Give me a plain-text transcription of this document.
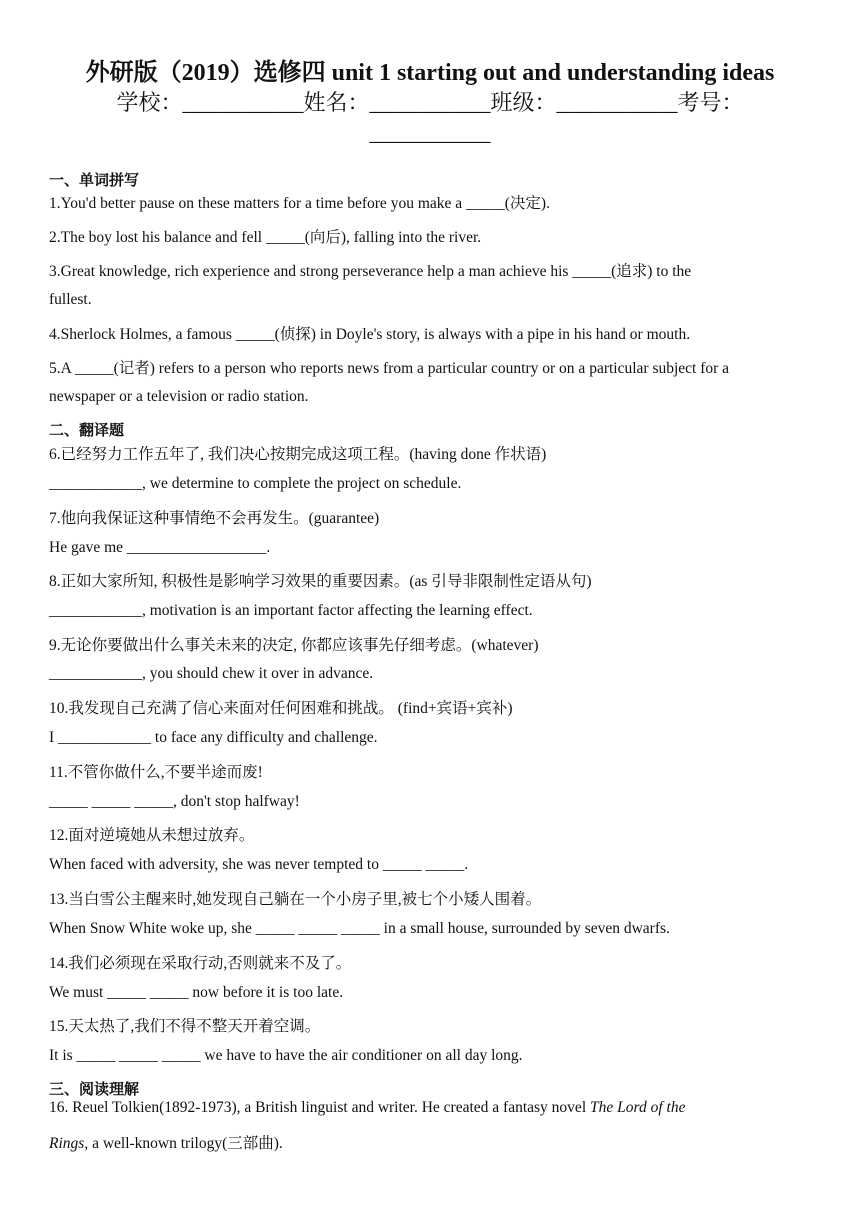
外研版（2019）选修四 unit 1 starting out and understanding ideas
学校：___________姓名：___________班级：___________考号：
___________
一、单词拼写
1.You'd better pause on these matters for a time before you make a _____(决定).
2.The boy lost his balance and fell _____(向后), falling into the river.
3.Great knowledge, rich experience and strong perseverance help a man achieve his _____(追求) to the
fullest.
4.Sherlock Holmes, a famous _____(侦探) in Doyle's story, is always with a pipe in his hand or mouth.
5.A _____(记者) refers to a person who reports news from a particular country or on a particular subject for a
newspaper or a television or radio station.
二、翻译题
6.已经努力工作五年了, 我们决心按期完成这项工程。(having done 作状语)
____________, we determine to complete the project on schedule.
7.他向我保证这种事情绝不会再发生。(guarantee)
He gave me __________________.
8.正如大家所知, 积极性是影响学习效果的重要因素。(as 引导非限制性定语从句)
____________, motivation is an important factor affecting the learning effect.
9.无论你要做出什么事关未来的决定, 你都应该事先仔细考虑。(whatever)
____________, you should chew it over in advance.
10.我发现自己充满了信心来面对任何困难和挑战。 (find+宾语+宾补)
I ____________ to face any difficulty and challenge.
11.不管你做什么,不要半途而废!
_____ _____ _____, don't stop halfway!
12.面对逆境她从未想过放弃。
When faced with adversity, she was never tempted to _____ _____.
13.当白雪公主醒来时,她发现自己躺在一个小房子里,被七个小矮人围着。
When Snow White woke up, she _____ _____ _____ in a small house, surrounded by seven dwarfs.
14.我们必须现在采取行动,否则就来不及了。
We must _____ _____ now before it is too late.
15.天太热了,我们不得不整天开着空调。
It is _____ _____ _____ we have to have the air conditioner on all day long.
三、阅读理解
16. Reuel Tolkien(1892-1973), a British linguist and writer. He created a fantasy novel The Lord of the
Rings, a well-known trilogy(三部曲).
